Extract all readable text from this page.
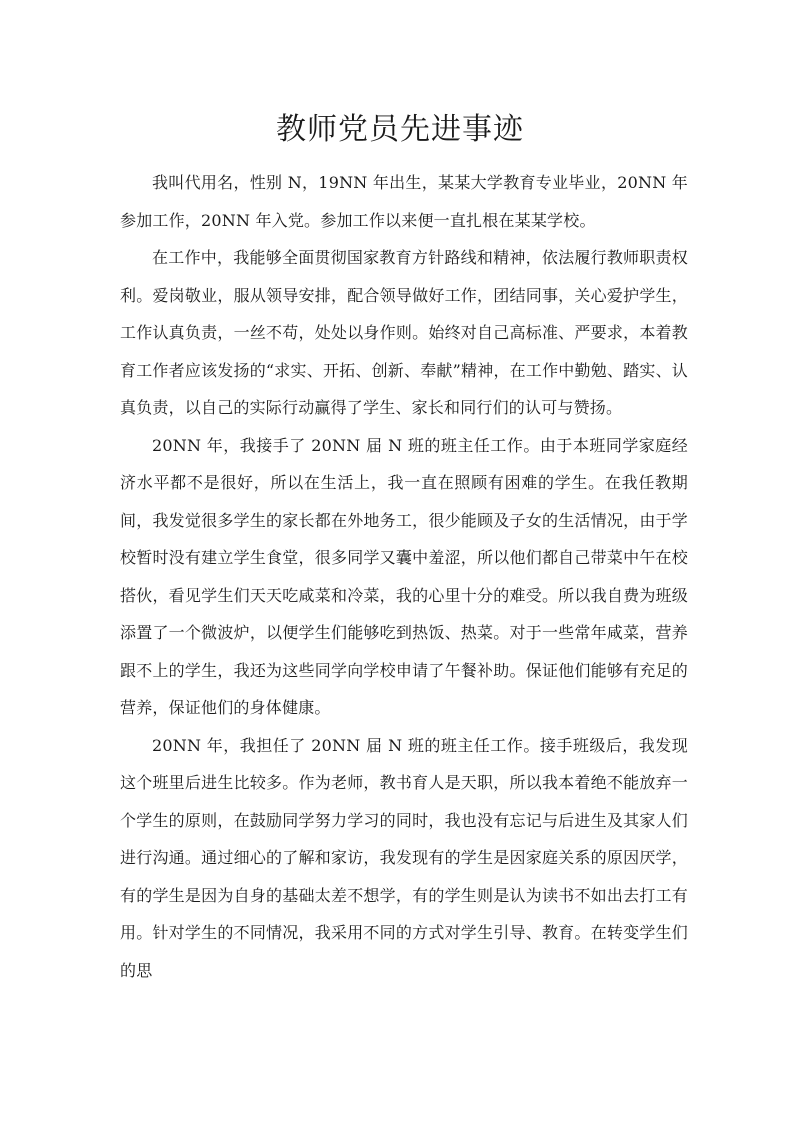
教师党员先进事迹

我叫代用名，性别 N，19NN 年出生，某某大学教育专业毕业，20NN 年参加工作，20NN 年入党。参加工作以来便一直扎根在某某学校。

在工作中，我能够全面贯彻国家教育方针路线和精神，依法履行教师职责权利。爱岗敬业，服从领导安排，配合领导做好工作，团结同事，关心爱护学生，工作认真负责，一丝不苟，处处以身作则。始终对自己高标准、严要求，本着教育工作者应该发扬的“求实、开拓、创新、奉献”精神，在工作中勤勉、踏实、认真负责，以自己的实际行动赢得了学生、家长和同行们的认可与赞扬。

20NN 年，我接手了 20NN 届 N 班的班主任工作。由于本班同学家庭经济水平都不是很好，所以在生活上，我一直在照顾有困难的学生。在我任教期间，我发觉很多学生的家长都在外地务工，很少能顾及子女的生活情况，由于学校暂时没有建立学生食堂，很多同学又囊中羞涩，所以他们都自己带菜中午在校搭伙，看见学生们天天吃咸菜和冷菜，我的心里十分的难受。所以我自费为班级添置了一个微波炉，以便学生们能够吃到热饭、热菜。对于一些常年咸菜，营养跟不上的学生，我还为这些同学向学校申请了午餐补助。保证他们能够有充足的营养，保证他们的身体健康。

20NN 年，我担任了 20NN 届 N 班的班主任工作。接手班级后，我发现这个班里后进生比较多。作为老师，教书育人是天职，所以我本着绝不能放弃一个学生的原则，在鼓励同学努力学习的同时，我也没有忘记与后进生及其家人们进行沟通。通过细心的了解和家访，我发现有的学生是因家庭关系的原因厌学，有的学生是因为自身的基础太差不想学，有的学生则是认为读书不如出去打工有用。针对学生的不同情况，我采用不同的方式对学生引导、教育。在转变学生们的思
